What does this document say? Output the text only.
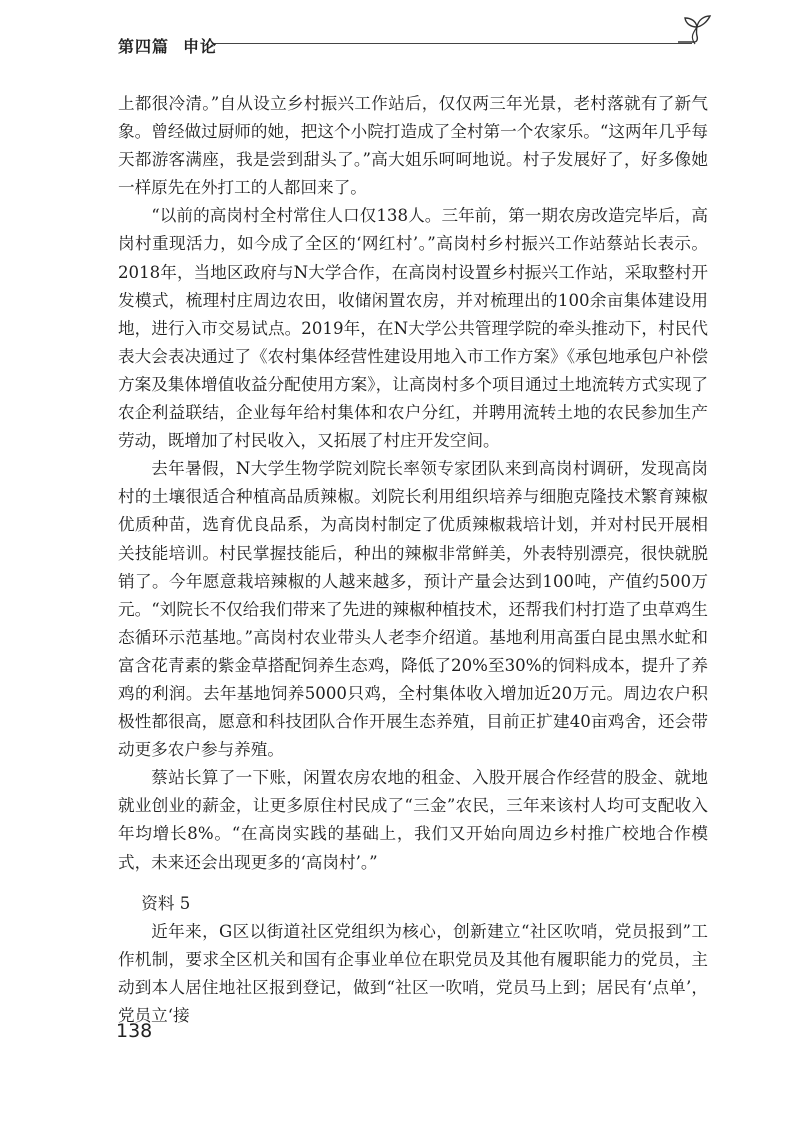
第四篇 申论

上都很冷清。”自从设立乡村振兴工作站后，仅仅两三年光景，老村落就有了新气象。曾经做过厨师的她，把这个小院打造成了全村第一个农家乐。“这两年几乎每天都游客满座，我是尝到甜头了。”高大姐乐呵呵地说。村子发展好了，好多像她一样原先在外打工的人都回来了。

“以前的高岗村全村常住人口仅138人。三年前，第一期农房改造完毕后，高岗村重现活力，如今成了全区的‘网红村’。”高岗村乡村振兴工作站蔡站长表示。2018年，当地区政府与N大学合作，在高岗村设置乡村振兴工作站，采取整村开发模式，梳理村庄周边农田，收储闲置农房，并对梳理出的100余亩集体建设用地，进行入市交易试点。2019年，在N大学公共管理学院的牵头推动下，村民代表大会表决通过了《农村集体经营性建设用地入市工作方案》《承包地承包户补偿方案及集体增值收益分配使用方案》，让高岗村多个项目通过土地流转方式实现了农企利益联结，企业每年给村集体和农户分红，并聘用流转土地的农民参加生产劳动，既增加了村民收入，又拓展了村庄开发空间。

去年暑假，N大学生物学院刘院长率领专家团队来到高岗村调研，发现高岗村的土壤很适合种植高品质辣椒。刘院长利用组织培养与细胞克隆技术繁育辣椒优质种苗，选育优良品系，为高岗村制定了优质辣椒栽培计划，并对村民开展相关技能培训。村民掌握技能后，种出的辣椒非常鲜美，外表特别漂亮，很快就脱销了。今年愿意栽培辣椒的人越来越多，预计产量会达到100吨，产值约500万元。“刘院长不仅给我们带来了先进的辣椒种植技术，还帮我们村打造了虫草鸡生态循环示范基地。”高岗村农业带头人老李介绍道。基地利用高蛋白昆虫黑水虻和富含花青素的紫金草搭配饲养生态鸡，降低了20%至30%的饲料成本，提升了养鸡的利润。去年基地饲养5000只鸡，全村集体收入增加近20万元。周边农户积极性都很高，愿意和科技团队合作开展生态养殖，目前正扩建40亩鸡舍，还会带动更多农户参与养殖。

蔡站长算了一下账，闲置农房农地的租金、入股开展合作经营的股金、就地就业创业的薪金，让更多原住村民成了“三金”农民，三年来该村人均可支配收入年均增长8%。“在高岗实践的基础上，我们又开始向周边乡村推广校地合作模式，未来还会出现更多的‘高岗村’。”

资料 5

近年来，G区以街道社区党组织为核心，创新建立“社区吹哨，党员报到”工作机制，要求全区机关和国有企事业单位在职党员及其他有履职能力的党员，主动到本人居住地社区报到登记，做到“社区一吹哨，党员马上到；居民有‘点单’，党员立‘接

138
